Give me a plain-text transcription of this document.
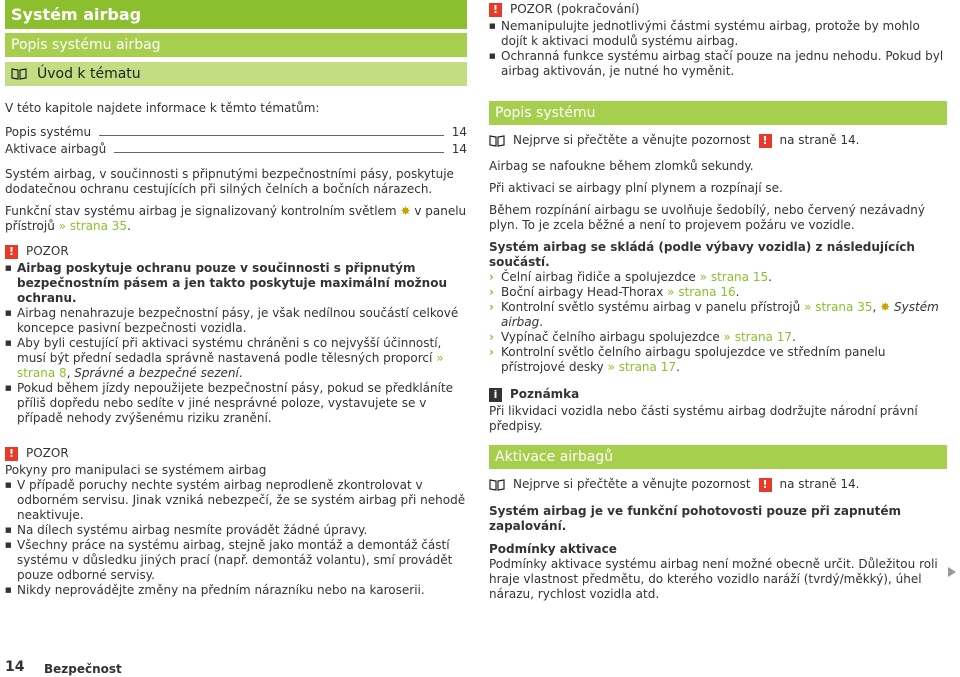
Systém airbag
Popis systému airbag
Úvod k tématu

V této kapitole najdete informace k těmto tématům:

Popis systému	14
Aktivace airbagů	14

Systém airbag, v součinnosti s připnutými bezpečnostními pásy, poskytuje dodatečnou ochranu cestujících při silných čelních a bočních nárazech.

Funkční stav systému airbag je signalizovaný kontrolním světlem ✸ v panelu přístrojů » strana 35.

! POZOR

■ Airbag poskytuje ochranu pouze v součinnosti s připnutým bezpečnostním pásem a jen takto poskytuje maximální možnou ochranu.

■ Airbag nenahrazuje bezpečnostní pásy, je však nedílnou součástí celkové koncepce pasivní bezpečnosti vozidla.

■ Aby byli cestující při aktivaci systému chráněni s co nejvyšší účinností, musí být přední sedadla správně nastavená podle tělesných proporcí » strana 8, Správné a bezpečné sezení.

■ Pokud během jízdy nepoužijete bezpečnostní pásy, pokud se předkláníte příliš dopředu nebo sedíte v jiné nesprávné poloze, vystavujete se v případě nehody zvýšenému riziku zranění.

! POZOR

Pokyny pro manipulaci se systémem airbag

■ V případě poruchy nechte systém airbag neprodleně zkontrolovat v odborném servisu. Jinak vzniká nebezpečí, že se systém airbag při nehodě neaktivuje.

■ Na dílech systému airbag nesmíte provádět žádné úpravy.

■ Všechny práce na systému airbag, stejně jako montáž a demontáž částí systému v důsledku jiných prací (např. demontáž volantu), smí provádět pouze odborné servisy.

■ Nikdy neprovádějte změny na předním nárazníku nebo na karoserii.

! POZOR (pokračování)

■ Nemanipulujte jednotlivými částmi systému airbag, protože by mohlo dojít k aktivaci modulů systému airbag.

■ Ochranná funkce systému airbag stačí pouze na jednu nehodu. Pokud byl airbag aktivován, je nutné ho vyměnit.

Popis systému

Nejprve si přečtěte a věnujte pozornost	! na straně 14.

Airbag se nafoukne během zlomků sekundy.

Při aktivaci se airbagy plní plynem a rozpínají se.

Během rozpínání airbagu se uvolňuje šedobílý, nebo červený nezávadný plyn. To je zcela běžné a není to projevem požáru ve vozidle.

Systém airbag se skládá (podle výbavy vozidla) z následujících součástí.

› Čelní airbag řidiče a spolujezdce » strana 15.

› Boční airbagy Head-Thorax » strana 16.

› Kontrolní světlo systému airbag v panelu přístrojů » strana 35, ✸ Systém airbag.

› Vypínač čelního airbagu spolujezdce » strana 17.

› Kontrolní světlo čelního airbagu spolujezdce ve středním panelu přístrojové desky » strana 17.

i	Poznámka

Při likvidaci vozidla nebo části systému airbag dodržujte národní právní předpisy.

Aktivace airbagů

Nejprve si přečtěte a věnujte pozornost	! na straně 14.

Systém airbag je ve funkční pohotovosti pouze při zapnutém zapalování.

Podmínky aktivace

Podmínky aktivace systému airbag není možné obecně určit. Důležitou roli hraje vlastnost předmětu, do kterého vozidlo naráží (tvrdý/měkký), úhel nárazu, rychlost vozidla atd.

14 Bezpečnost
